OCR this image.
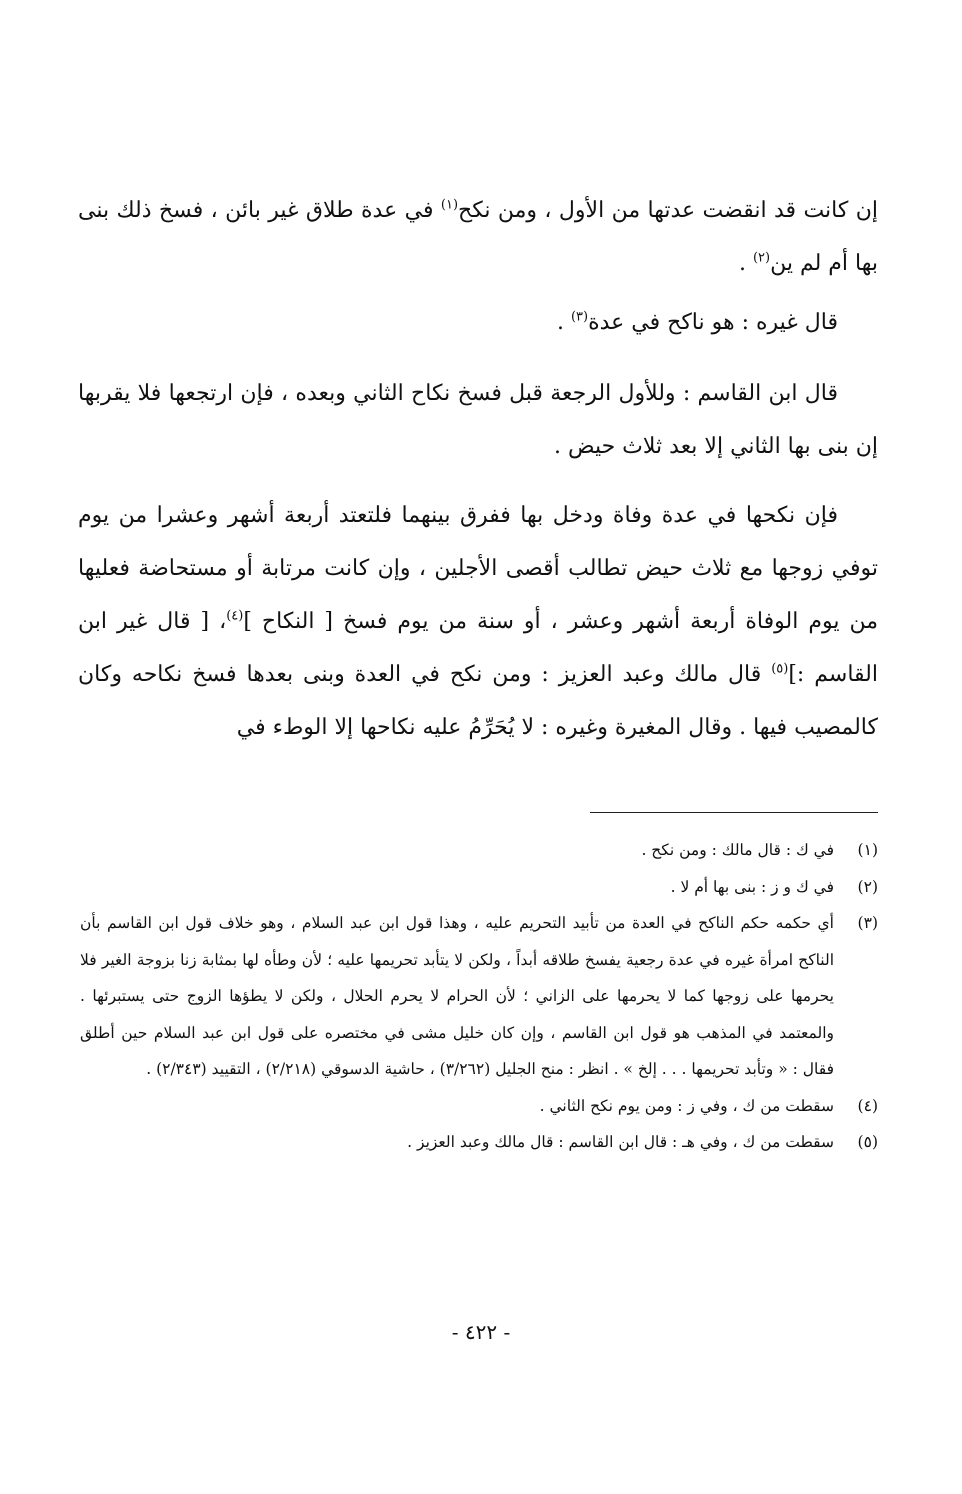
إن كانت قد انقضت عدتها من الأول ، ومن نكح$^{(١)}$ في عدة طلاق غير بائن ، فسخ ذلك بنى بها أم لم ين$^{(٢)}$ .

قال غيره : هو ناكح في عدة$^{(٣)}$ .

قال ابن القاسم : وللأول الرجعة قبل فسخ نكاح الثاني وبعده ، فإن ارتجعها فلا يقربها إن بنى بها الثاني إلا بعد ثلاث حيض .

فإن نكحها في عدة وفاة ودخل بها ففرق بينهما فلتعتد أربعة أشهر وعشرا من يوم توفي زوجها مع ثلاث حيض تطالب أقصى الأجلين ، وإن كانت مرتابة أو مستحاضة فعليها من يوم الوفاة أربعة أشهر وعشر ، أو سنة من يوم فسخ [ النكاح ]$^{(٤)}$، [ قال غير ابن القاسم :]$^{(٥)}$ قال مالك وعبد العزيز : ومن نكح في العدة وبنى بعدها فسخ نكاحه وكان كالمصيب فيها . وقال المغيرة وغيره : لا يُحَرِّمُ عليه نكاحها إلا الوطء في

(١)
في ك : قال مالك : ومن نكح .
(٢)
في ك و ز : بنى بها أم لا .
(٣)
أي حكمه حكم الناكح في العدة من تأبيد التحريم عليه ، وهذا قول ابن عبد السلام ، وهو خلاف قول ابن القاسم بأن الناكح امرأة غيره في عدة رجعية يفسخ طلاقه أبداً ، ولكن لا يتأبد تحريمها عليه ؛ لأن وطأه لها بمثابة زنا بزوجة الغير فلا يحرمها على زوجها كما لا يحرمها على الزاني ؛ لأن الحرام لا يحرم الحلال ، ولكن لا يطؤها الزوج حتى يستبرئها . والمعتمد في المذهب هو قول ابن القاسم ، وإن كان خليل مشى في مختصره على قول ابن عبد السلام حين أطلق فقال : « وتأبد تحريمها . . . إلخ » . انظر : منح الجليل (٣/٢٦٢) ، حاشية الدسوقي (٢/٢١٨) ، التقييد (٢/٣٤٣) .
(٤)
سقطت من ك ، وفي ز : ومن يوم نكح الثاني .
(٥)
سقطت من ك ، وفي هـ : قال ابن القاسم : قال مالك وعبد العزيز .
- ٤٢٢ -
